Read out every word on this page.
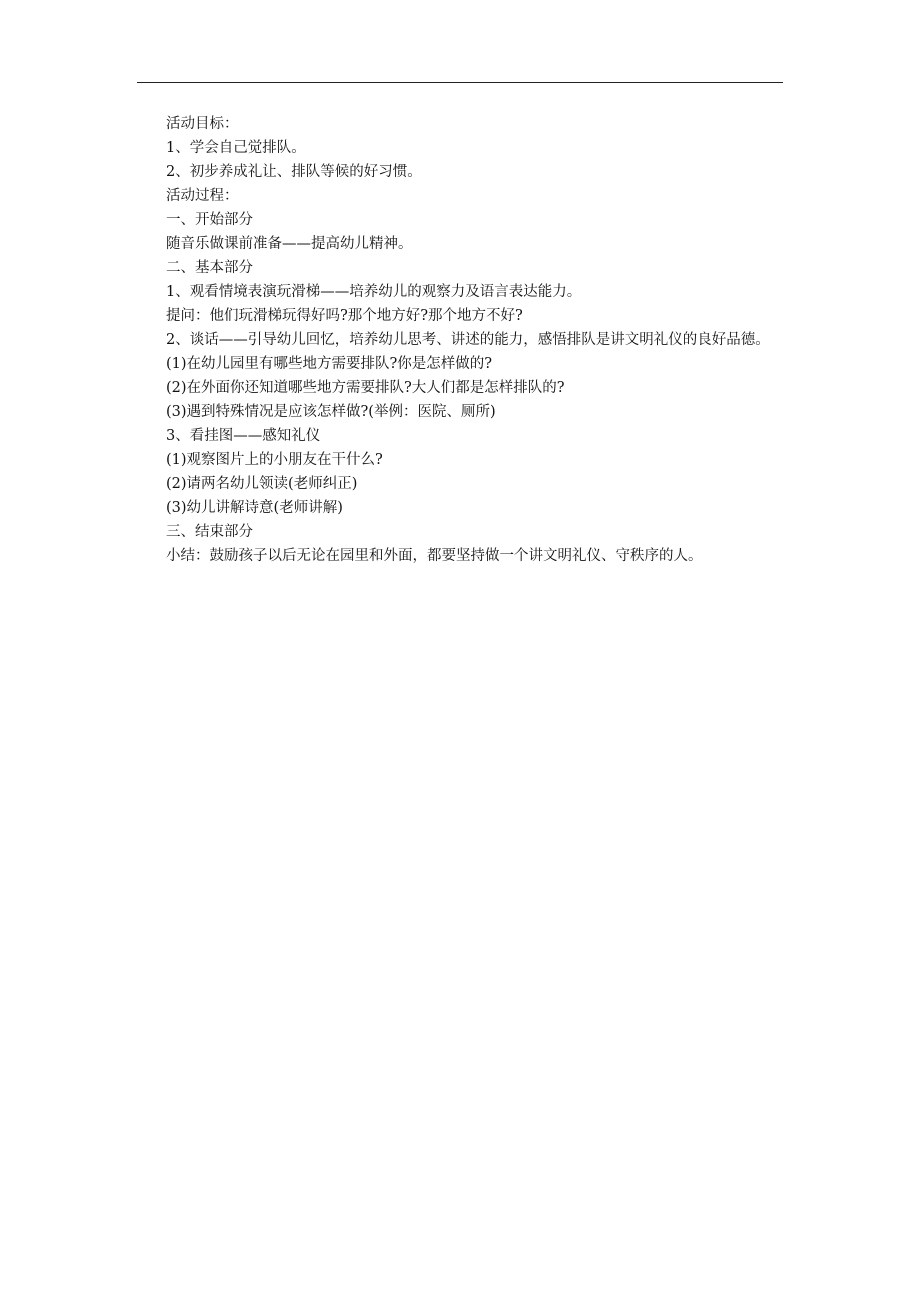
活动目标：
1、学会自己觉排队。
2、初步养成礼让、排队等候的好习惯。
活动过程：
一、开始部分
随音乐做课前准备——提高幼儿精神。
二、基本部分
1、观看情境表演玩滑梯——培养幼儿的观察力及语言表达能力。
提问：他们玩滑梯玩得好吗?那个地方好?那个地方不好?
2、谈话——引导幼儿回忆，培养幼儿思考、讲述的能力，感悟排队是讲文明礼仪的良好品德。
(1)在幼儿园里有哪些地方需要排队?你是怎样做的?
(2)在外面你还知道哪些地方需要排队?大人们都是怎样排队的?
(3)遇到特殊情况是应该怎样做?(举例：医院、厕所)
3、看挂图——感知礼仪
(1)观察图片上的小朋友在干什么?
(2)请两名幼儿领读(老师纠正)
(3)幼儿讲解诗意(老师讲解)
三、结束部分
小结：鼓励孩子以后无论在园里和外面，都要坚持做一个讲文明礼仪、守秩序的人。
